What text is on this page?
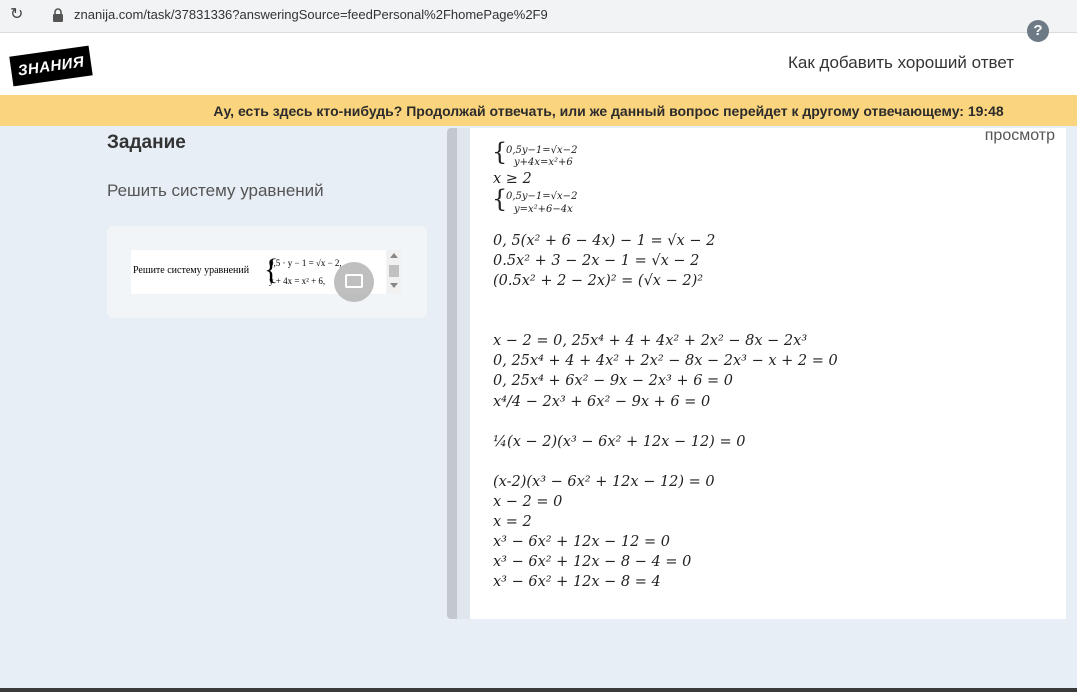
↻	znanija.com/task/37831336?answeringSource=feedPersonal%2FhomePage%2F9
ЗНАНИЯ	Как добавить хороший ответ
?
Ау, есть здесь кто-нибудь? Продолжай отвечать, или же данный вопрос перейдет к другому отвечающему: 19:48
Задание
Решить систему уравнений
Решите систему уравнений {
0,5 · y − 1 = √x − 2,
y + 4x = x² + 6,
просмотр
{
0,5y−1=√x−2
y+4x=x²+6
x ≥ 2
{
0,5y−1=√x−2
y=x²+6−4x
0, 5(x² + 6 − 4x) − 1 = √x − 2
0.5x² + 3 − 2x − 1 = √x − 2
(0.5x² + 2 − 2x)² = (√x − 2)²
x − 2 = 0, 25x⁴ + 4 + 4x² + 2x² − 8x − 2x³
0, 25x⁴ + 4 + 4x² + 2x² − 8x − 2x³ − x + 2 = 0
0, 25x⁴ + 6x² − 9x − 2x³ + 6 = 0
x⁴/4 − 2x³ + 6x² − 9x + 6 = 0
¼(x − 2)(x³ − 6x² + 12x − 12) = 0
(x-2)(x³ − 6x² + 12x − 12) = 0
x − 2 = 0
x = 2
x³ − 6x² + 12x − 12 = 0
x³ − 6x² + 12x − 8 − 4 = 0
x³ − 6x² + 12x − 8 = 4
